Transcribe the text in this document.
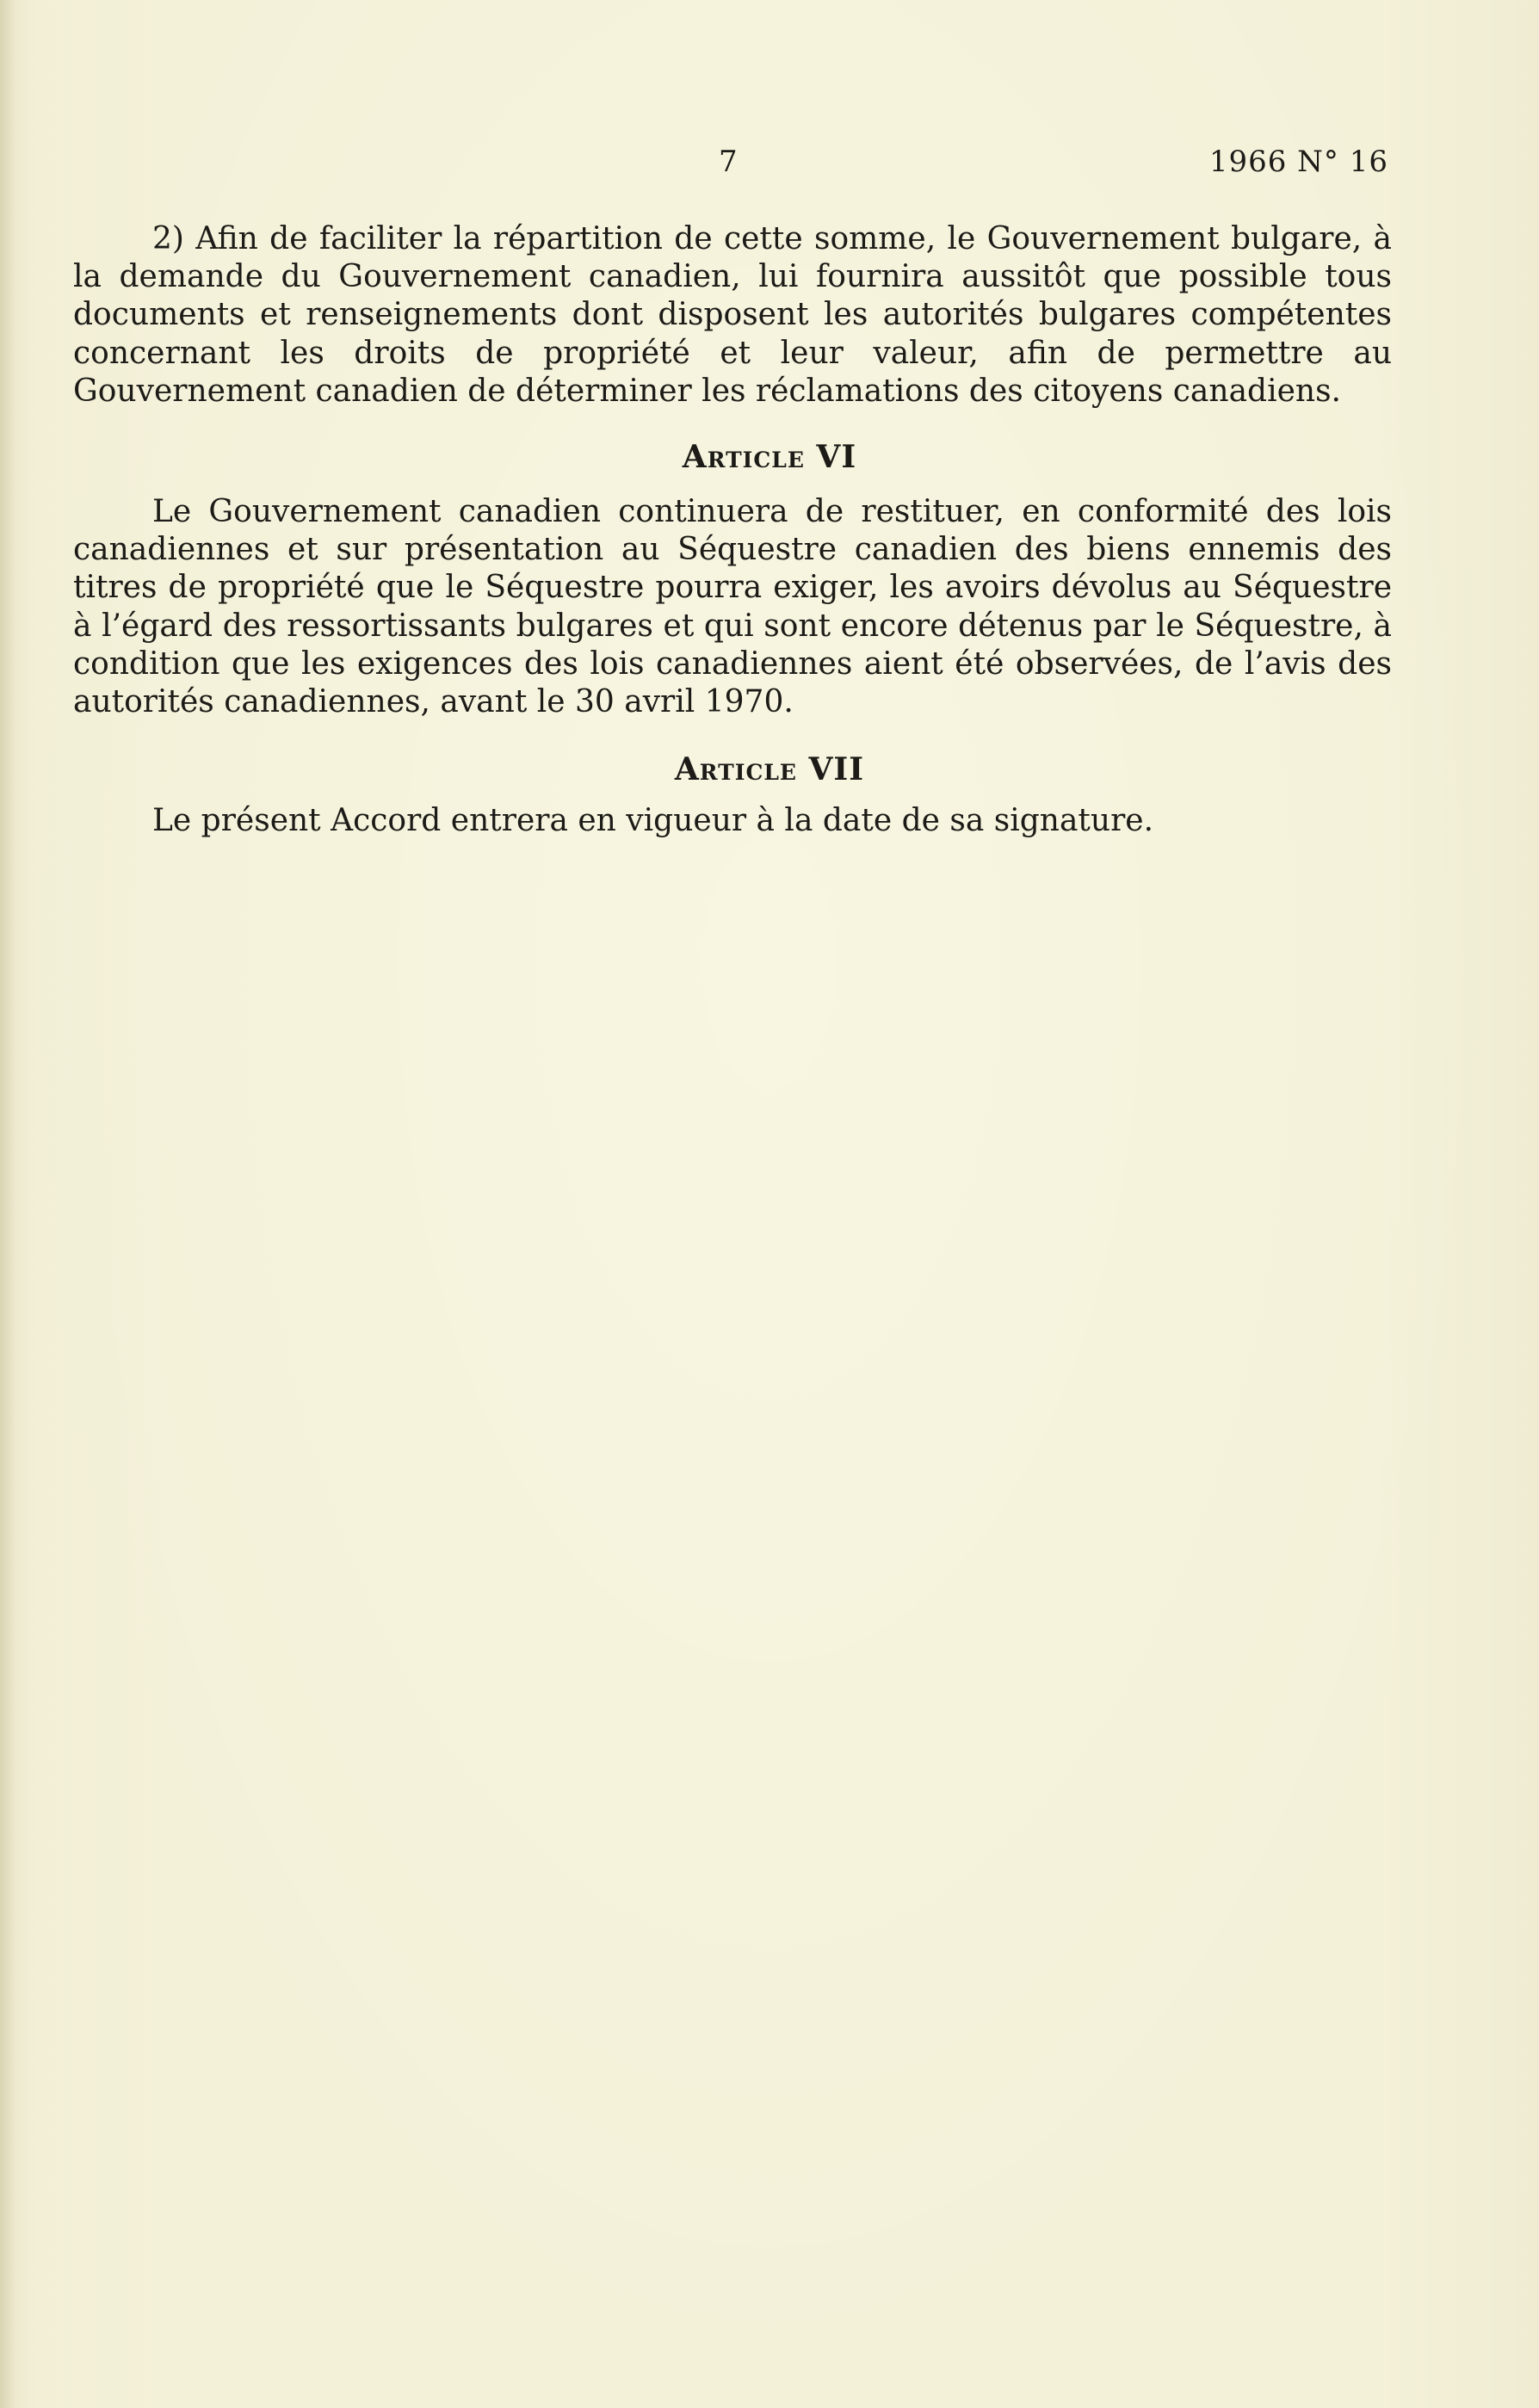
7	1966 N° 16

2) Afin de faciliter la répartition de cette somme, le Gouvernement bulgare, à la demande du Gouvernement canadien, lui fournira aussitôt que possible tous documents et renseignements dont disposent les autorités bulgares compétentes concernant les droits de propriété et leur valeur, afin de permettre au Gouvernement canadien de déterminer les réclamations des citoyens canadiens.

Article VI

Le Gouvernement canadien continuera de restituer, en conformité des lois canadiennes et sur présentation au Séquestre canadien des biens ennemis des titres de propriété que le Séquestre pourra exiger, les avoirs dévolus au Séquestre à l’égard des ressortissants bulgares et qui sont encore détenus par le Séquestre, à condition que les exigences des lois canadiennes aient été observées, de l’avis des autorités canadiennes, avant le 30 avril 1970.

Article VII

Le présent Accord entrera en vigueur à la date de sa signature.
